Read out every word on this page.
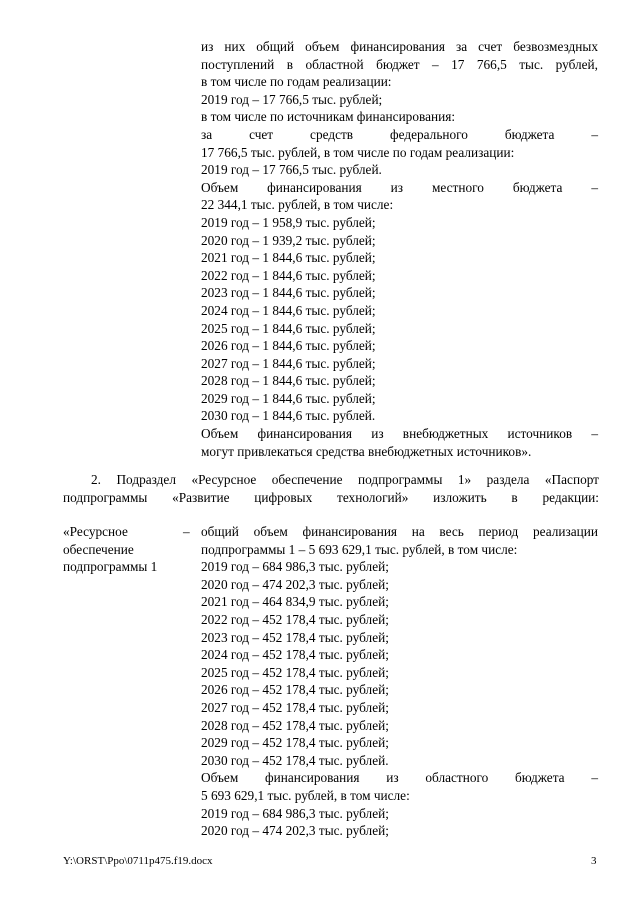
из них общий объем финансирования за счет безвозмездных
поступлений в областной бюджет – 17 766,5 тыс. рублей,
в том числе по годам реализации:
2019 год – 17 766,5 тыс. рублей;
в том числе по источникам финансирования:
за счет средств федерального бюджета –
17 766,5 тыс. рублей, в том числе по годам реализации:
2019 год – 17 766,5 тыс. рублей.
Объем финансирования из местного бюджета –
22 344,1 тыс. рублей, в том числе:
2019 год – 1 958,9 тыс. рублей;
2020 год – 1 939,2 тыс. рублей;
2021 год – 1 844,6 тыс. рублей;
2022 год – 1 844,6 тыс. рублей;
2023 год – 1 844,6 тыс. рублей;
2024 год – 1 844,6 тыс. рублей;
2025 год – 1 844,6 тыс. рублей;
2026 год – 1 844,6 тыс. рублей;
2027 год – 1 844,6 тыс. рублей;
2028 год – 1 844,6 тыс. рублей;
2029 год – 1 844,6 тыс. рублей;
2030 год – 1 844,6 тыс. рублей.
Объем финансирования из внебюджетных источников –
могут привлекаться средства внебюджетных источников».
2. Подраздел «Ресурсное обеспечение подпрограммы 1» раздела «Паспорт
подпрограммы «Развитие цифровых технологий» изложить в редакции:
«Ресурсное
обеспечение
подпрограммы 1
– общий объем финансирования на весь период реализации
подпрограммы 1 – 5 693 629,1 тыс. рублей, в том числе:
2019 год – 684 986,3 тыс. рублей;
2020 год – 474 202,3 тыс. рублей;
2021 год – 464 834,9 тыс. рублей;
2022 год – 452 178,4 тыс. рублей;
2023 год – 452 178,4 тыс. рублей;
2024 год – 452 178,4 тыс. рублей;
2025 год – 452 178,4 тыс. рублей;
2026 год – 452 178,4 тыс. рублей;
2027 год – 452 178,4 тыс. рублей;
2028 год – 452 178,4 тыс. рублей;
2029 год – 452 178,4 тыс. рублей;
2030 год – 452 178,4 тыс. рублей.
Объем финансирования из областного бюджета –
5 693 629,1 тыс. рублей, в том числе:
2019 год – 684 986,3 тыс. рублей;
2020 год – 474 202,3 тыс. рублей;
Y:\ORST\Ppo\0711p475.f19.docx	3
